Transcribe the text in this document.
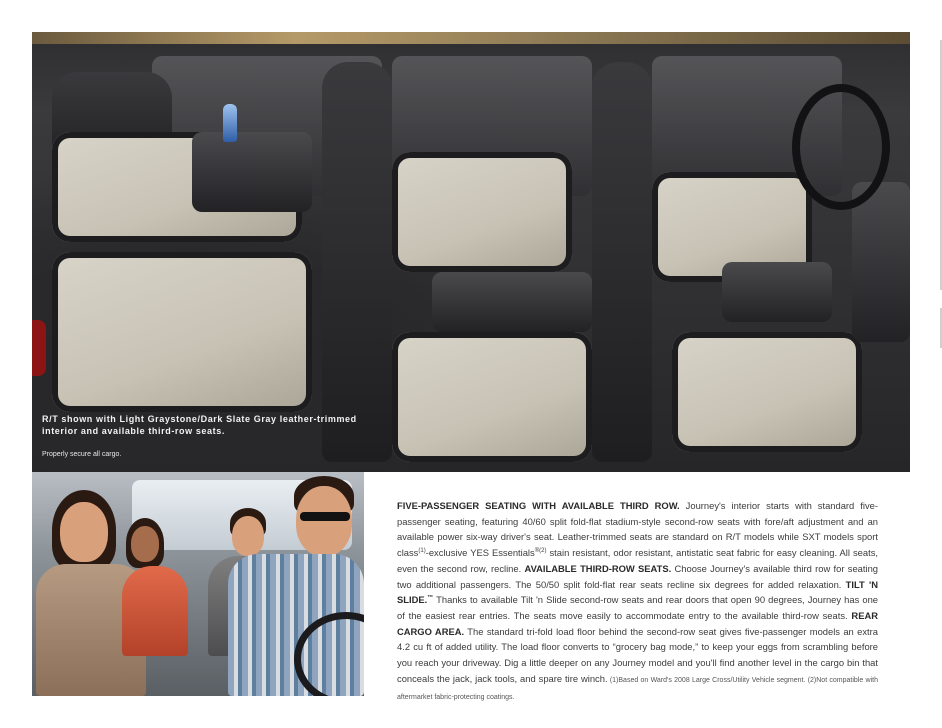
R/T shown with Light Graystone/Dark Slate Gray leather-trimmed interior and available third-row seats.
Properly secure all cargo.
FIVE-PASSENGER SEATING WITH AVAILABLE THIRD ROW. Journey's interior starts with standard five-passenger seating, featuring 40/60 split fold-flat stadium-style second-row seats with fore/aft adjustment and an available power six-way driver's seat. Leather-trimmed seats are standard on R/T models while SXT models sport class$^{(1)}$-exclusive YES Essentials$^{®(2)}$ stain resistant, odor resistant, antistatic seat fabric for easy cleaning. All seats, even the second row, recline. AVAILABLE THIRD-ROW SEATS. Choose Journey's available third row for seating two additional passengers. The 50/50 split fold-flat rear seats recline six degrees for added relaxation. TILT 'N SLIDE.™ Thanks to available Tilt 'n Slide second-row seats and rear doors that open 90 degrees, Journey has one of the easiest rear entries. The seats move easily to accommodate entry to the available third-row seats. REAR CARGO AREA. The standard tri-fold load floor behind the second-row seat gives five-passenger models an extra 4.2 cu ft of added utility. The load floor converts to “grocery bag mode,” to keep your eggs from scrambling before you reach your driveway. Dig a little deeper on any Journey model and you'll find another level in the cargo bin that conceals the jack, jack tools, and spare tire winch. (1)Based on Ward's 2008 Large Cross/Utility Vehicle segment. (2)Not compatible with aftermarket fabric-protecting coatings.
